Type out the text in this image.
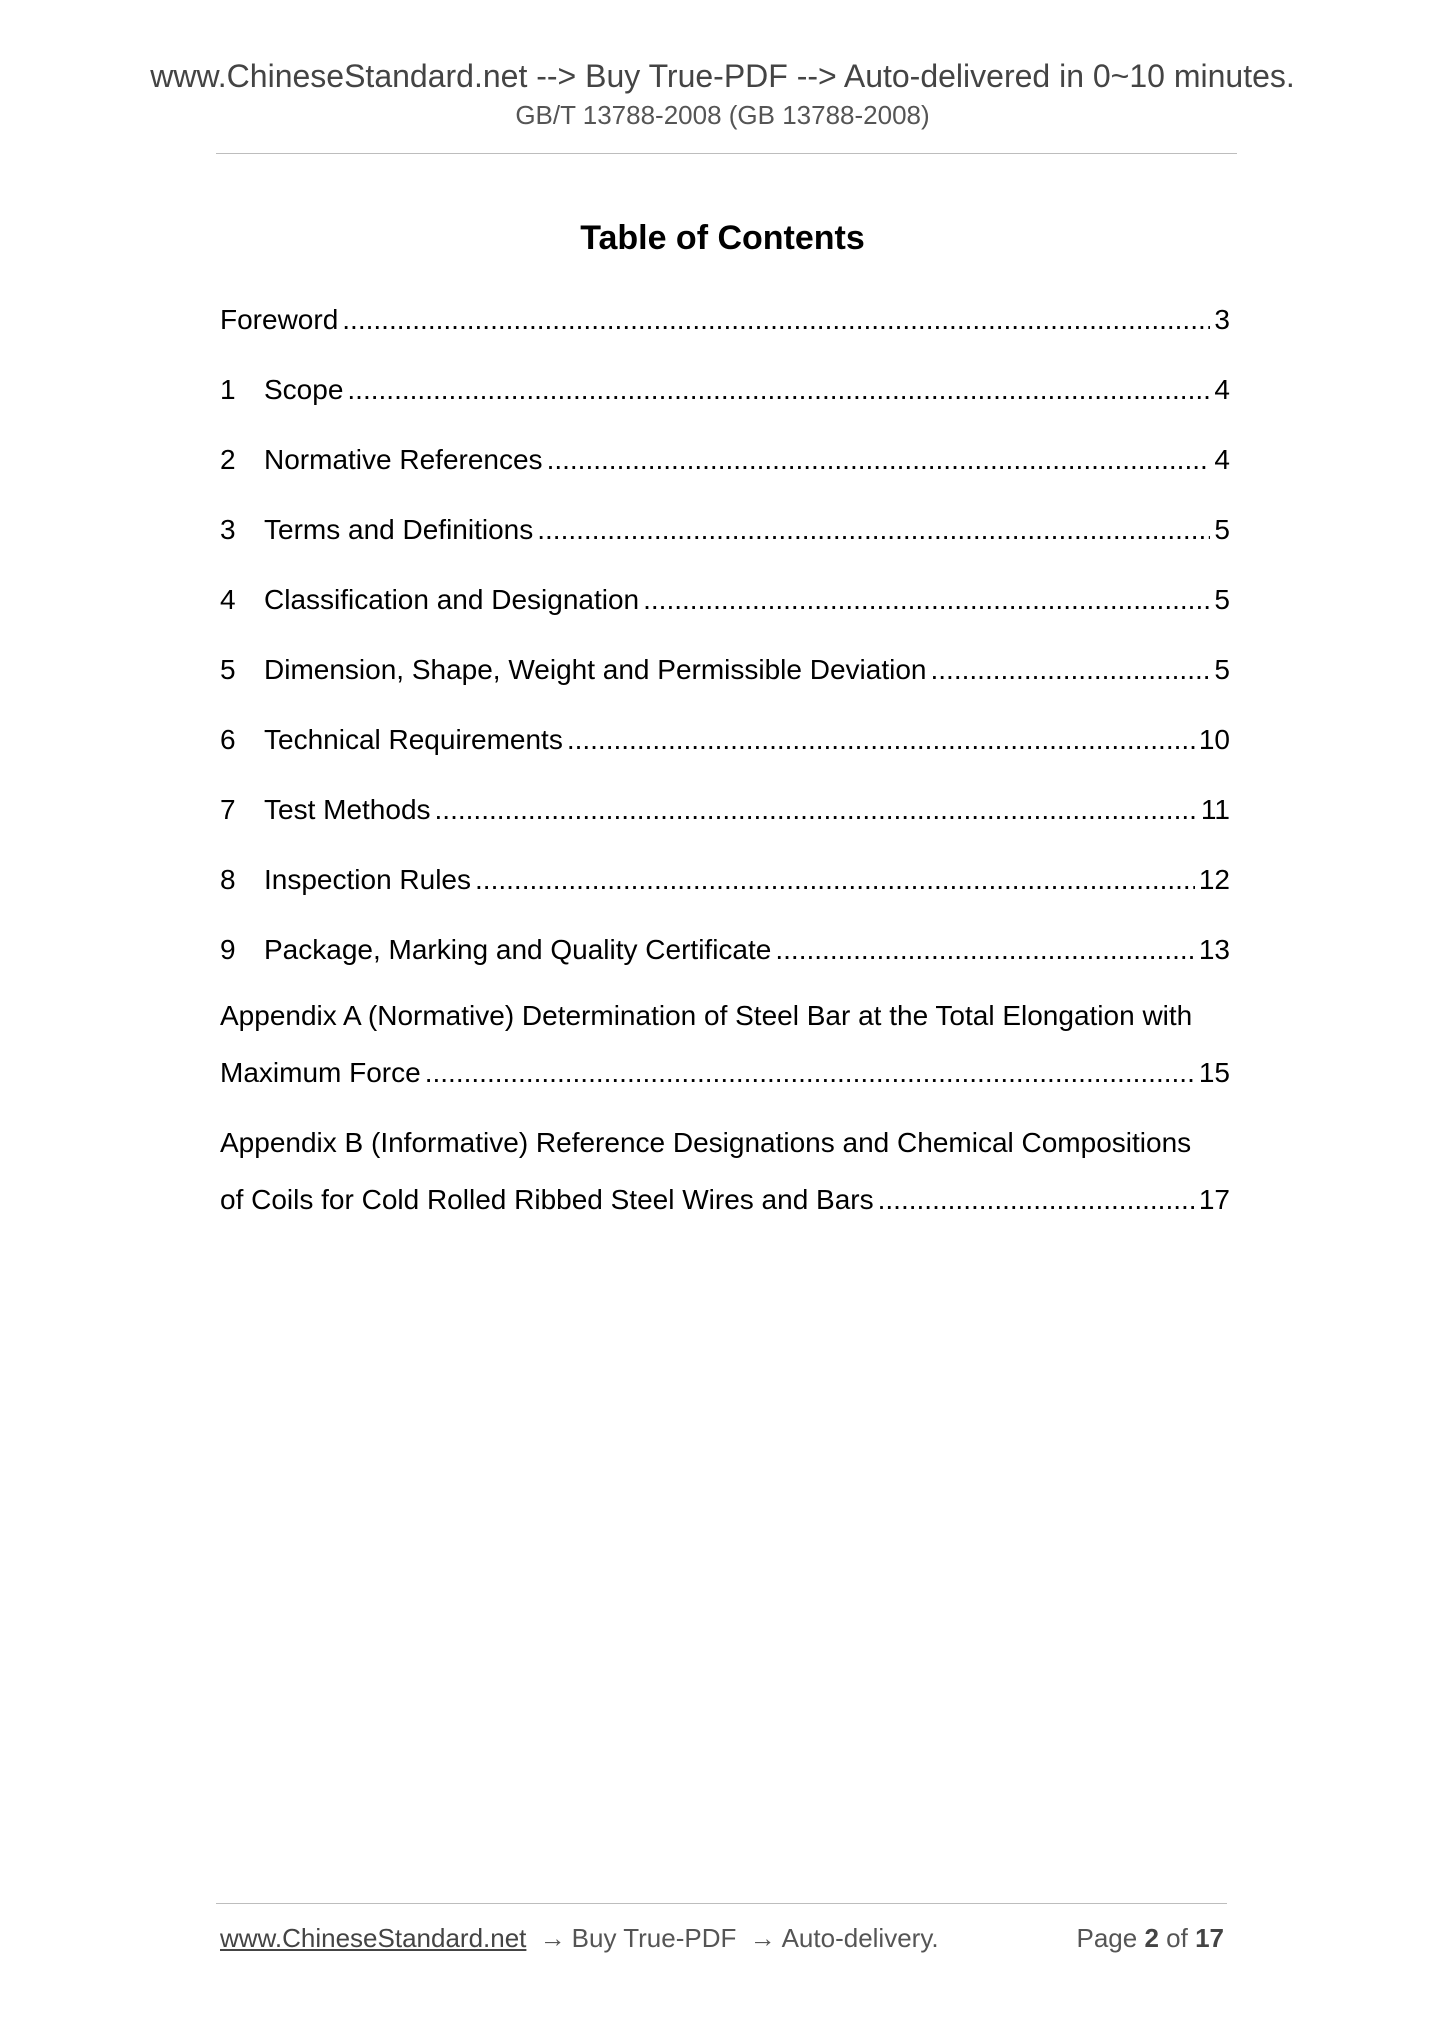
www.ChineseStandard.net --> Buy True-PDF --> Auto-delivered in 0~10 minutes.
GB/T 13788-2008 (GB 13788-2008)
Table of Contents
Foreword .....	3
1	Scope .....	4
2	Normative References .....	4
3	Terms and Definitions .....	5
4	Classification and Designation .....	5
5	Dimension, Shape, Weight and Permissible Deviation .....	5
6	Technical Requirements .....	10
7	Test Methods .....	11
8	Inspection Rules .....	12
9	Package, Marking and Quality Certificate .....	13
Appendix A (Normative) Determination of Steel Bar at the Total Elongation with
Maximum Force .....	15
Appendix B (Informative) Reference Designations and Chemical Compositions
of Coils for Cold Rolled Ribbed Steel Wires and Bars .....	17
www.ChineseStandard.net → Buy True-PDF → Auto-delivery.	Page 2 of 17
